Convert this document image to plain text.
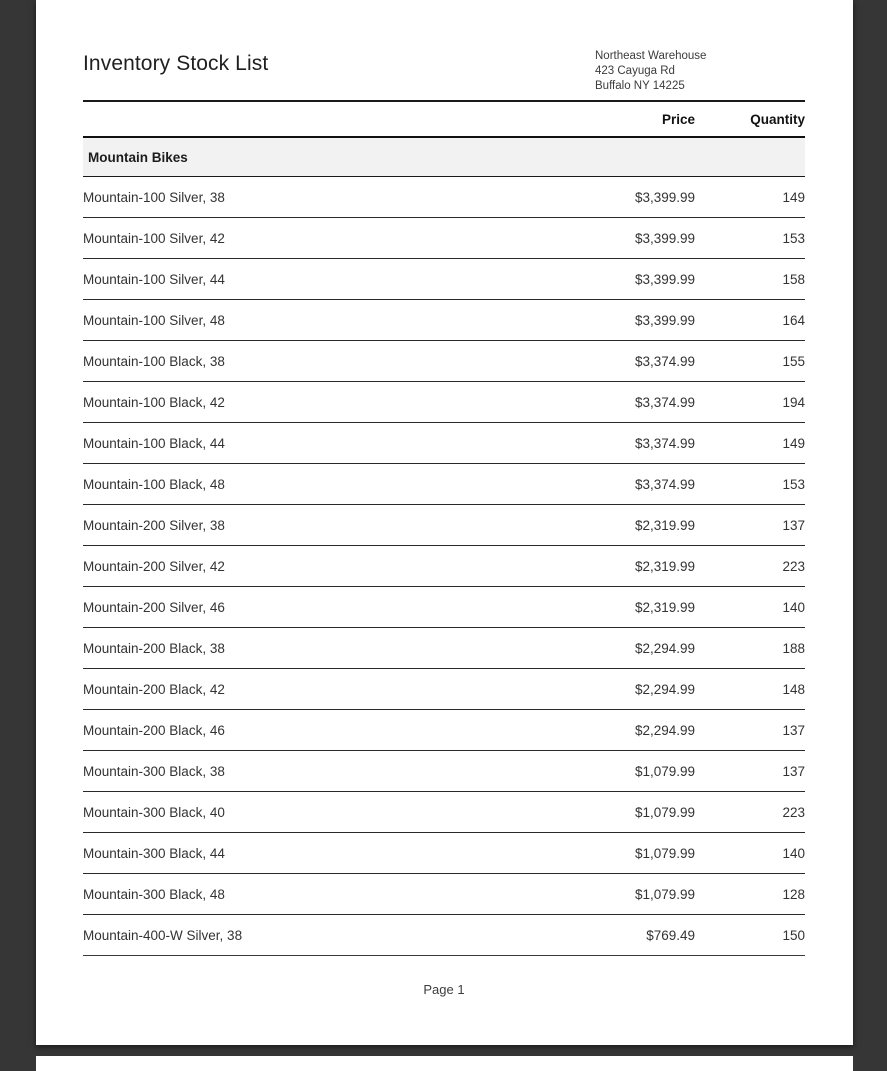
Inventory Stock List	Northeast Warehouse
423 Cayuga Rd
Buffalo NY 14225
	Price	Quantity
Mountain Bikes		
Mountain-100 Silver, 38	$3,399.99	149
Mountain-100 Silver, 42	$3,399.99	153
Mountain-100 Silver, 44	$3,399.99	158
Mountain-100 Silver, 48	$3,399.99	164
Mountain-100 Black, 38	$3,374.99	155
Mountain-100 Black, 42	$3,374.99	194
Mountain-100 Black, 44	$3,374.99	149
Mountain-100 Black, 48	$3,374.99	153
Mountain-200 Silver, 38	$2,319.99	137
Mountain-200 Silver, 42	$2,319.99	223
Mountain-200 Silver, 46	$2,319.99	140
Mountain-200 Black, 38	$2,294.99	188
Mountain-200 Black, 42	$2,294.99	148
Mountain-200 Black, 46	$2,294.99	137
Mountain-300 Black, 38	$1,079.99	137
Mountain-300 Black, 40	$1,079.99	223
Mountain-300 Black, 44	$1,079.99	140
Mountain-300 Black, 48	$1,079.99	128
Mountain-400-W Silver, 38	$769.49	150
Page 1
